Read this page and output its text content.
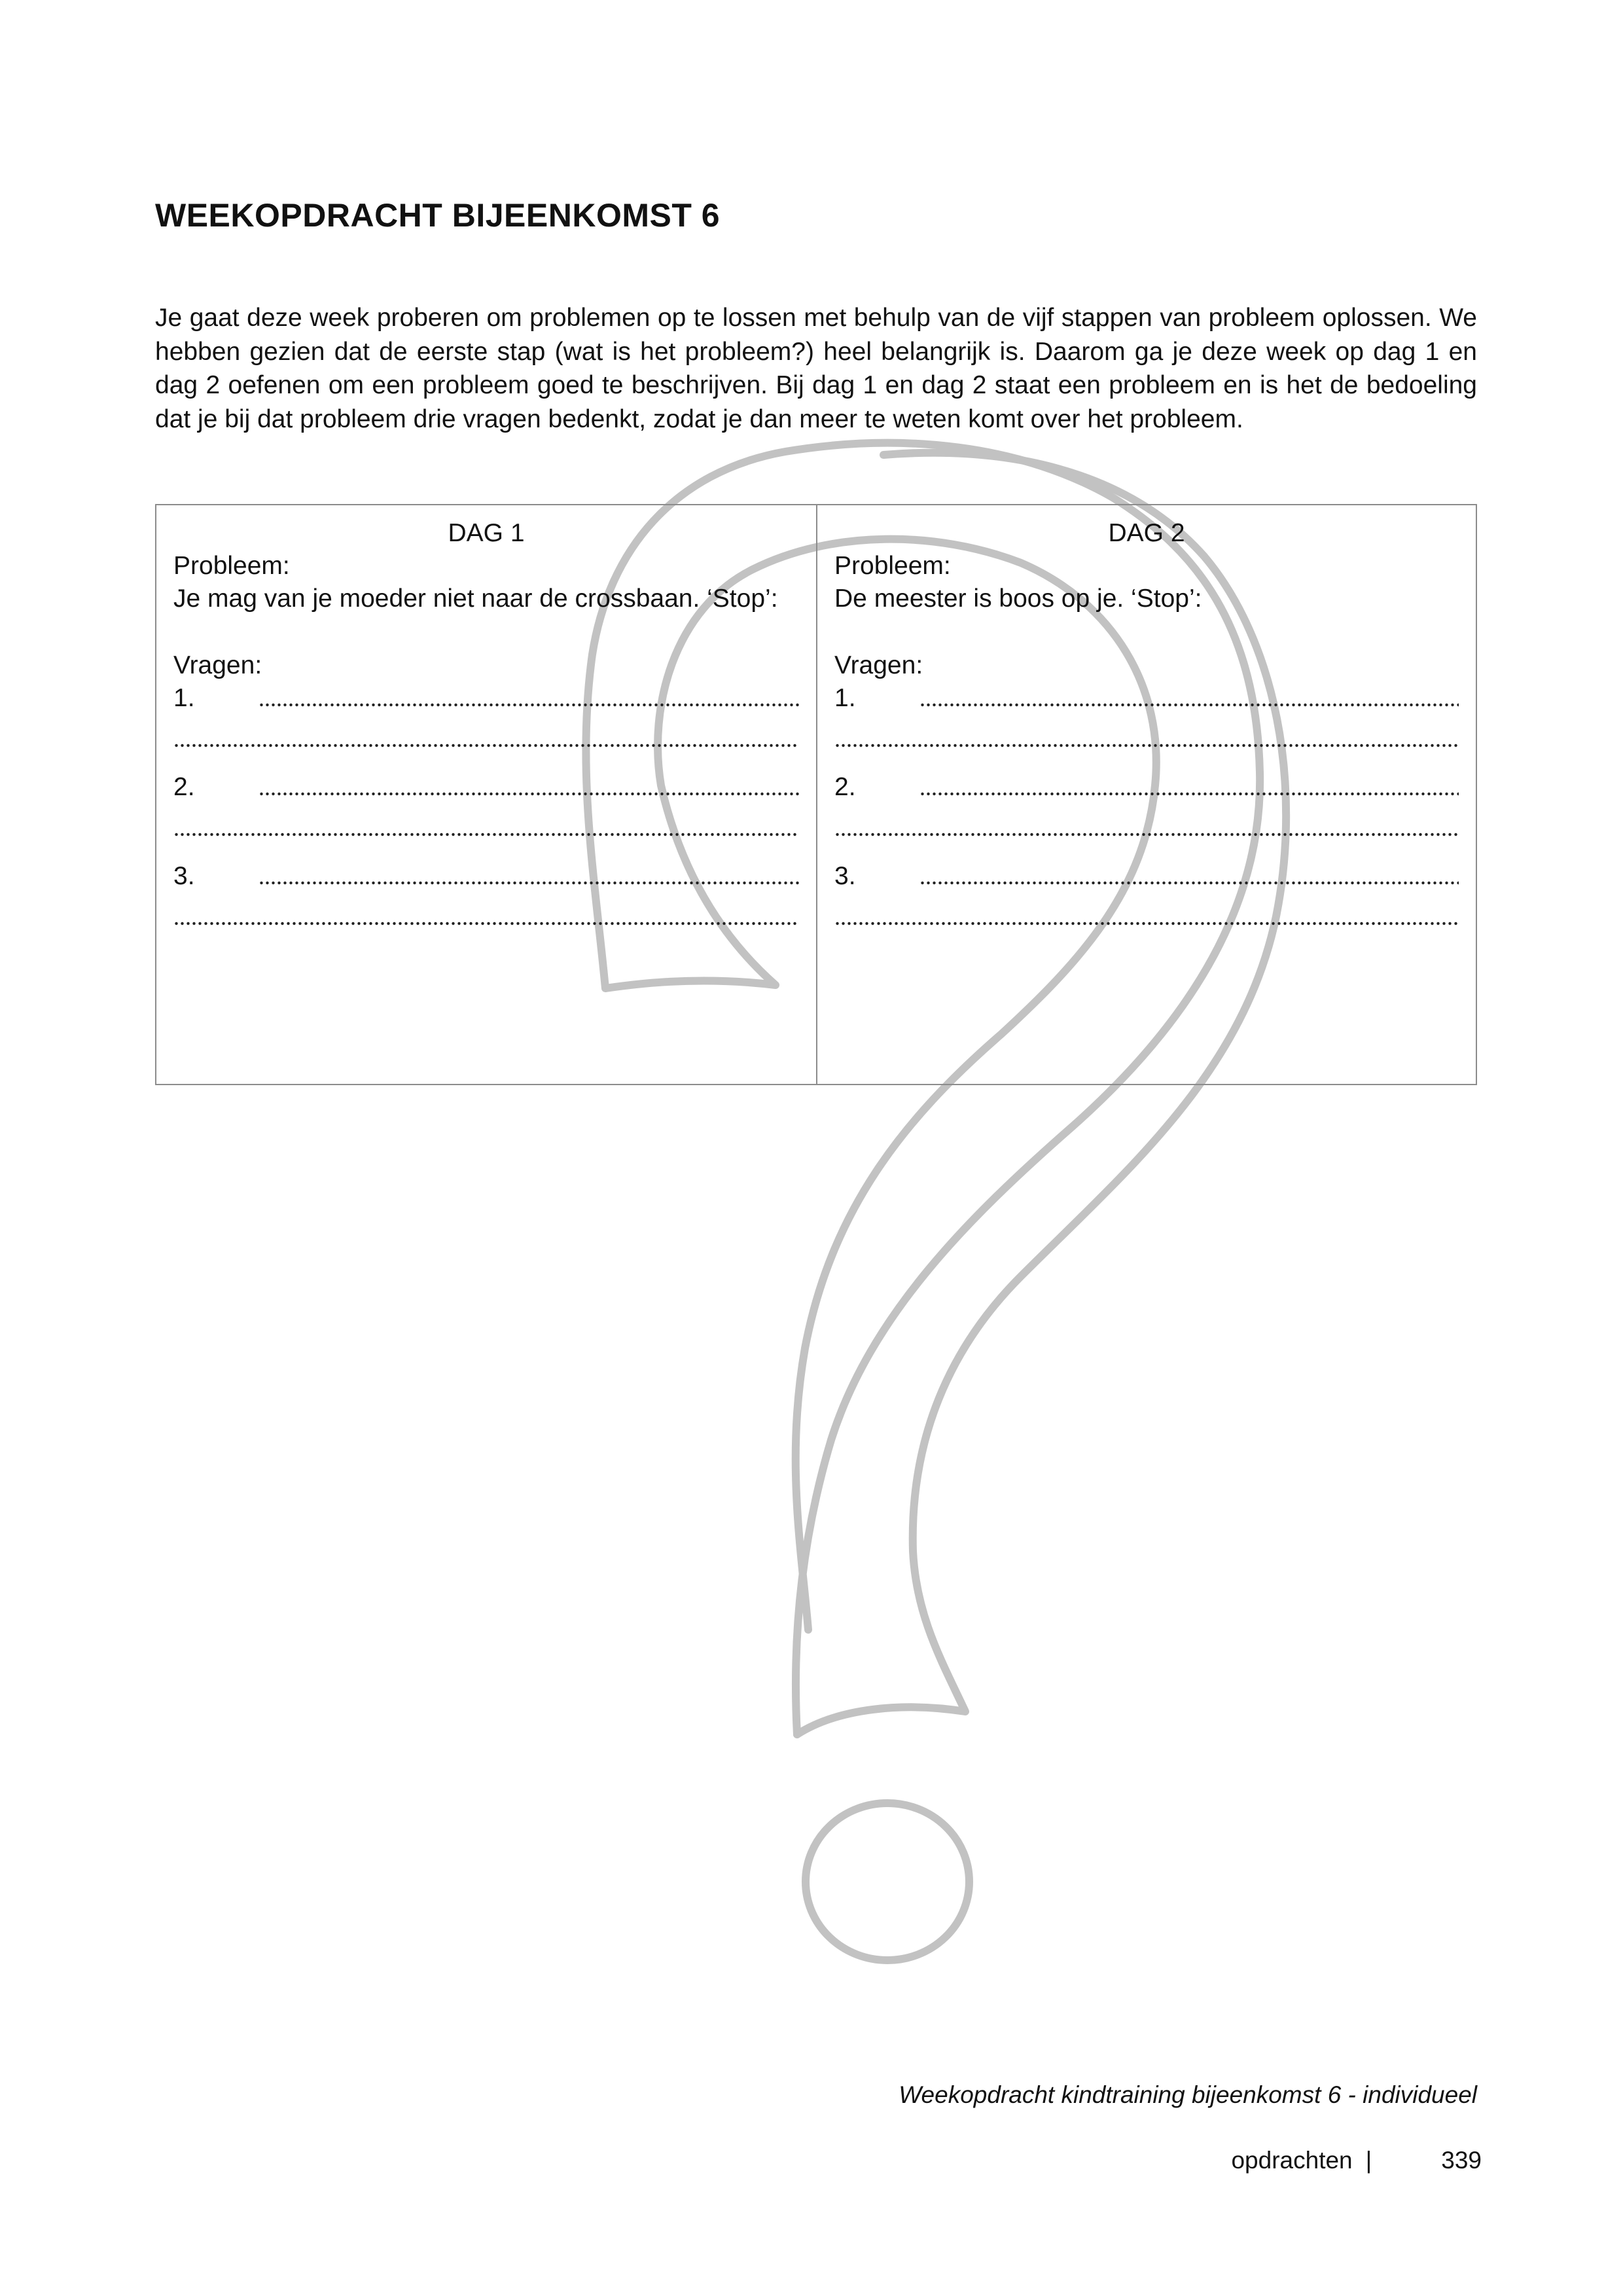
WEEKOPDRACHT BIJEENKOMST 6

Je gaat deze week proberen om problemen op te lossen met behulp van de vijf stappen van probleem oplossen. We hebben gezien dat de eerste stap (wat is het probleem?) heel belangrijk is. Daarom ga je deze week op dag 1 en dag 2 oefenen om een probleem goed te beschrijven. Bij dag 1 en dag 2 staat een probleem en is het de bedoeling dat je bij dat probleem drie vragen bedenkt, zodat je dan meer te weten komt over het probleem.

DAG 1
Probleem:
Je mag van je moeder niet naar de crossbaan. ‘Stop’:
Vragen:
1.
2.
3.
DAG 2
Probleem:
De meester is boos op je. ‘Stop’:
Vragen:
1.
2.
3.
Weekopdracht kindtraining bijeenkomst 6 - individueel
opdrachten |	339
